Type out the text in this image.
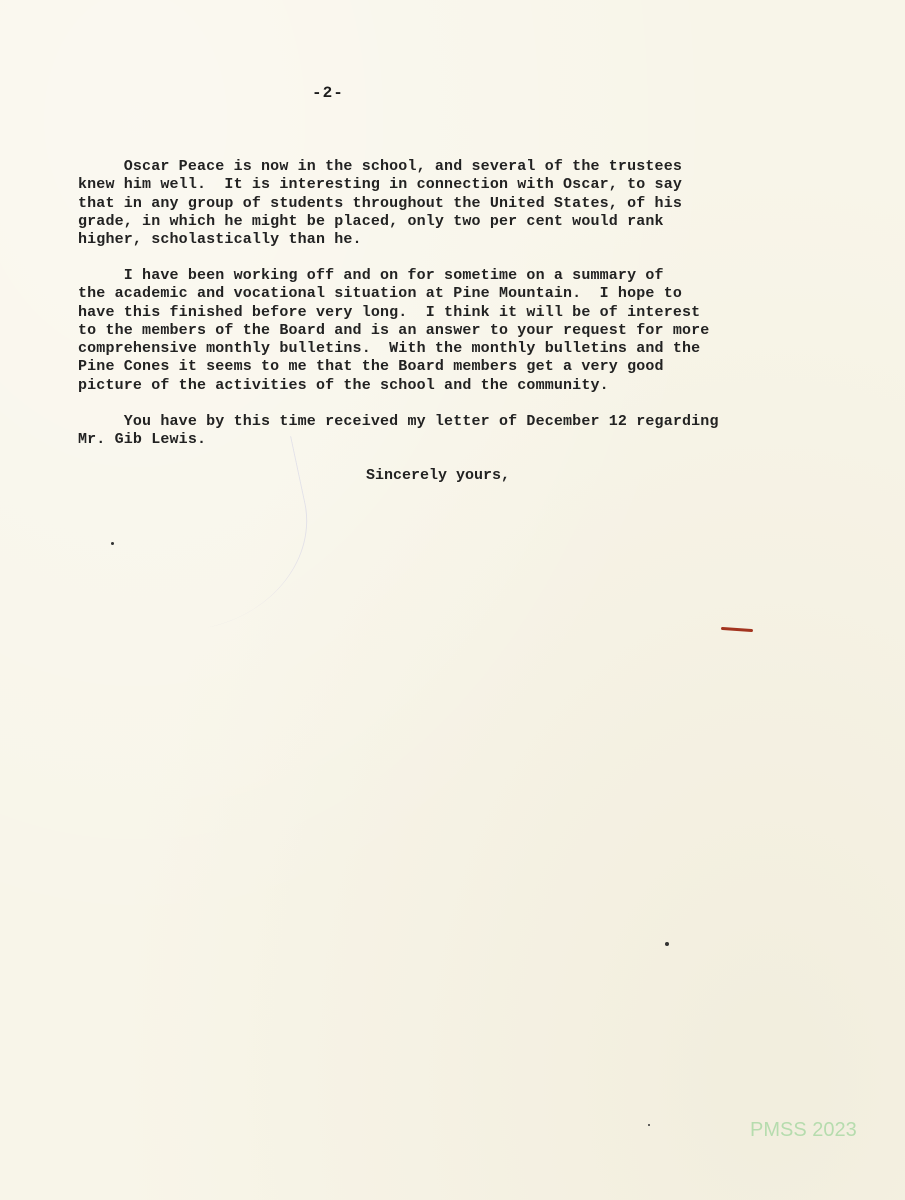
-2-
Oscar Peace is now in the school, and several of the trustees
knew him well.  It is interesting in connection with Oscar, to say
that in any group of students throughout the United States, of his
grade, in which he might be placed, only two per cent would rank
higher, scholastically than he.
I have been working off and on for sometime on a summary of
the academic and vocational situation at Pine Mountain.  I hope to
have this finished before very long.  I think it will be of interest
to the members of the Board and is an answer to your request for more
comprehensive monthly bulletins.  With the monthly bulletins and the
Pine Cones it seems to me that the Board members get a very good
picture of the activities of the school and the community.
You have by this time received my letter of December 12 regarding
Mr. Gib Lewis.
Sincerely yours,
PMSS 2023
